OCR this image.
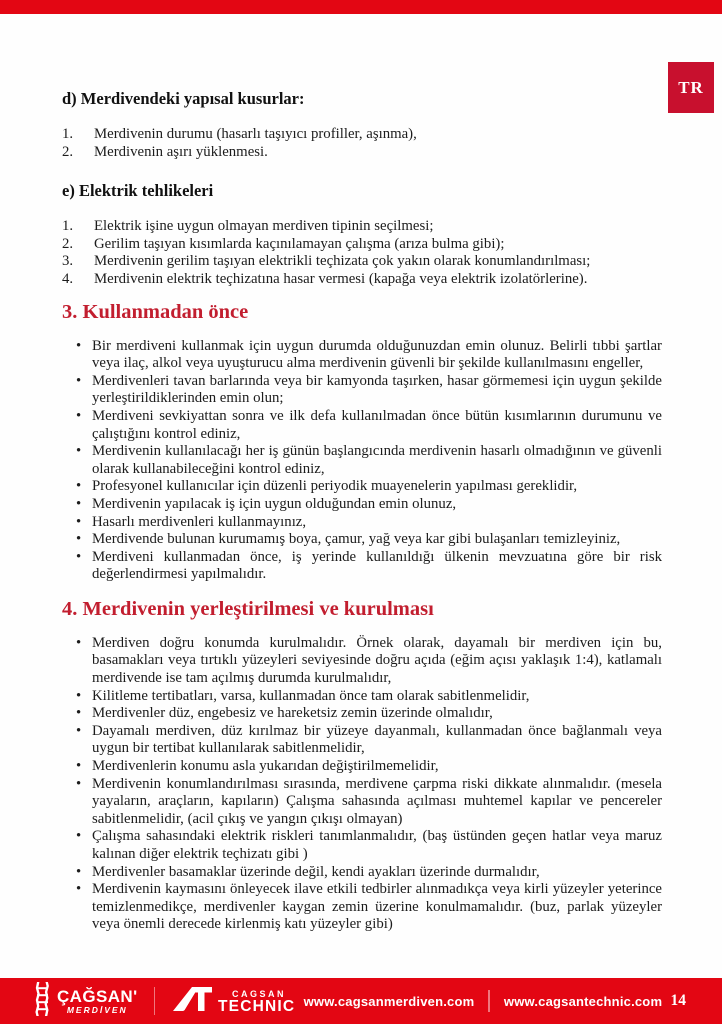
TR
d) Merdivendeki yapısal kusurlar:
1.	Merdivenin durumu (hasarlı taşıyıcı profiller, aşınma),
2.	Merdivenin aşırı yüklenmesi.
e) Elektrik tehlikeleri
1.	Elektrik işine uygun olmayan merdiven tipinin seçilmesi;
2.	Gerilim taşıyan kısımlarda kaçınılamayan çalışma (arıza bulma gibi);
3.	Merdivenin gerilim taşıyan elektrikli teçhizata çok yakın olarak konumlandırılması;
4.	Merdivenin elektrik teçhizatına hasar vermesi (kapağa veya elektrik izolatörlerine).
3. Kullanmadan önce
• Bir merdiveni kullanmak için uygun durumda olduğunuzdan emin olunuz. Belirli tıbbi şartlar veya ilaç, alkol veya uyuşturucu alma merdivenin güvenli bir şekilde kullanılmasını engeller,
• Merdivenleri tavan barlarında veya bir kamyonda taşırken, hasar görmemesi için uygun şekilde yerleştirildiklerinden emin olun;
• Merdiveni sevkiyattan sonra ve ilk defa kullanılmadan önce bütün kısımlarının durumunu ve çalıştığını kontrol ediniz,
• Merdivenin kullanılacağı her iş günün başlangıcında merdivenin hasarlı olmadığının ve güvenli olarak kullanabileceğini kontrol ediniz,
• Profesyonel kullanıcılar için düzenli periyodik muayenelerin yapılması gereklidir,
• Merdivenin yapılacak iş için uygun olduğundan emin olunuz,
• Hasarlı merdivenleri kullanmayınız,
• Merdivende bulunan kurumamış boya, çamur, yağ veya kar gibi bulaşanları temizleyiniz,
• Merdiveni kullanmadan önce, iş yerinde kullanıldığı ülkenin mevzuatına göre bir risk değerlendirmesi yapılmalıdır.
4. Merdivenin yerleştirilmesi ve kurulması
• Merdiven doğru konumda kurulmalıdır. Örnek olarak, dayamalı bir merdiven için bu, basamakları veya tırtıklı yüzeyleri seviyesinde doğru açıda (eğim açısı yaklaşık 1:4), katlamalı merdivende ise tam açılmış durumda kurulmalıdır,
• Kilitleme tertibatları, varsa, kullanmadan önce tam olarak sabitlenmelidir,
• Merdivenler düz, engebesiz ve hareketsiz zemin üzerinde olmalıdır,
• Dayamalı merdiven, düz kırılmaz bir yüzeye dayanmalı, kullanmadan önce bağlanmalı veya uygun bir tertibat kullanılarak sabitlenmelidir,
• Merdivenlerin konumu asla yukarıdan değiştirilmemelidir,
• Merdivenin konumlandırılması sırasında, merdivene çarpma riski dikkate alınmalıdır. (mesela yayaların, araçların, kapıların) Çalışma sahasında açılması muhtemel kapılar ve pencereler sabitlenmelidir, (acil çıkış ve yangın çıkışı olmayan)
• Çalışma sahasındaki elektrik riskleri tanımlanmalıdır, (baş üstünden geçen hatlar veya maruz kalınan diğer elektrik teçhizatı gibi )
• Merdivenler basamaklar üzerinde değil, kendi ayakları üzerinde durmalıdır,
• Merdivenin kaymasını önleyecek ilave etkili tedbirler alınmadıkça veya kirli yüzeyler yeterince temizlenmedikçe, merdivenler kaygan zemin üzerine konulmamalıdır. (buz, parlak yüzeyler veya önemli derecede kirlenmiş katı yüzeyler gibi)
ÇAĞSAN'
MERDİVEN
CAGSAN
TECHNIC www.cagsanmerdiven.com www.cagsantechnic.com 14
